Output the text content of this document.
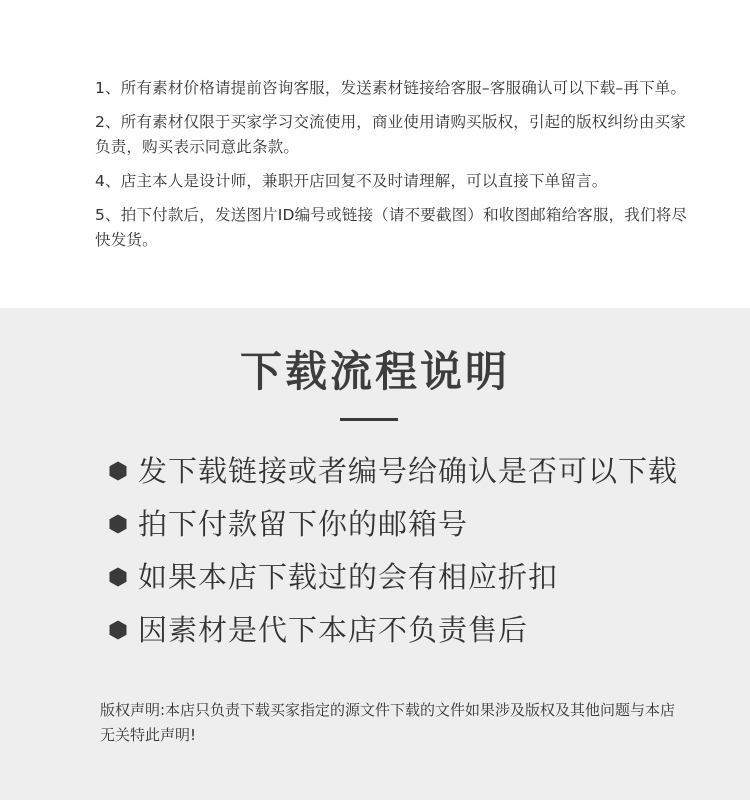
1、所有素材价格请提前咨询客服，发送素材链接给客服–客服确认可以下载–再下单。
2、所有素材仅限于买家学习交流使用，商业使用请购买版权，引起的版权纠纷由买家负责，购买表示同意此条款。
4、店主本人是设计师，兼职开店回复不及时请理解，可以直接下单留言。
5、拍下付款后，发送图片ID编号或链接（请不要截图）和收图邮箱给客服，我们将尽快发货。
下载流程说明
发下载链接或者编号给确认是否可以下载
拍下付款留下你的邮箱号
如果本店下载过的会有相应折扣
因素材是代下本店不负责售后
版权声明:本店只负责下载买家指定的源文件下载的文件如果涉及版权及其他问题与本店无关特此声明!
